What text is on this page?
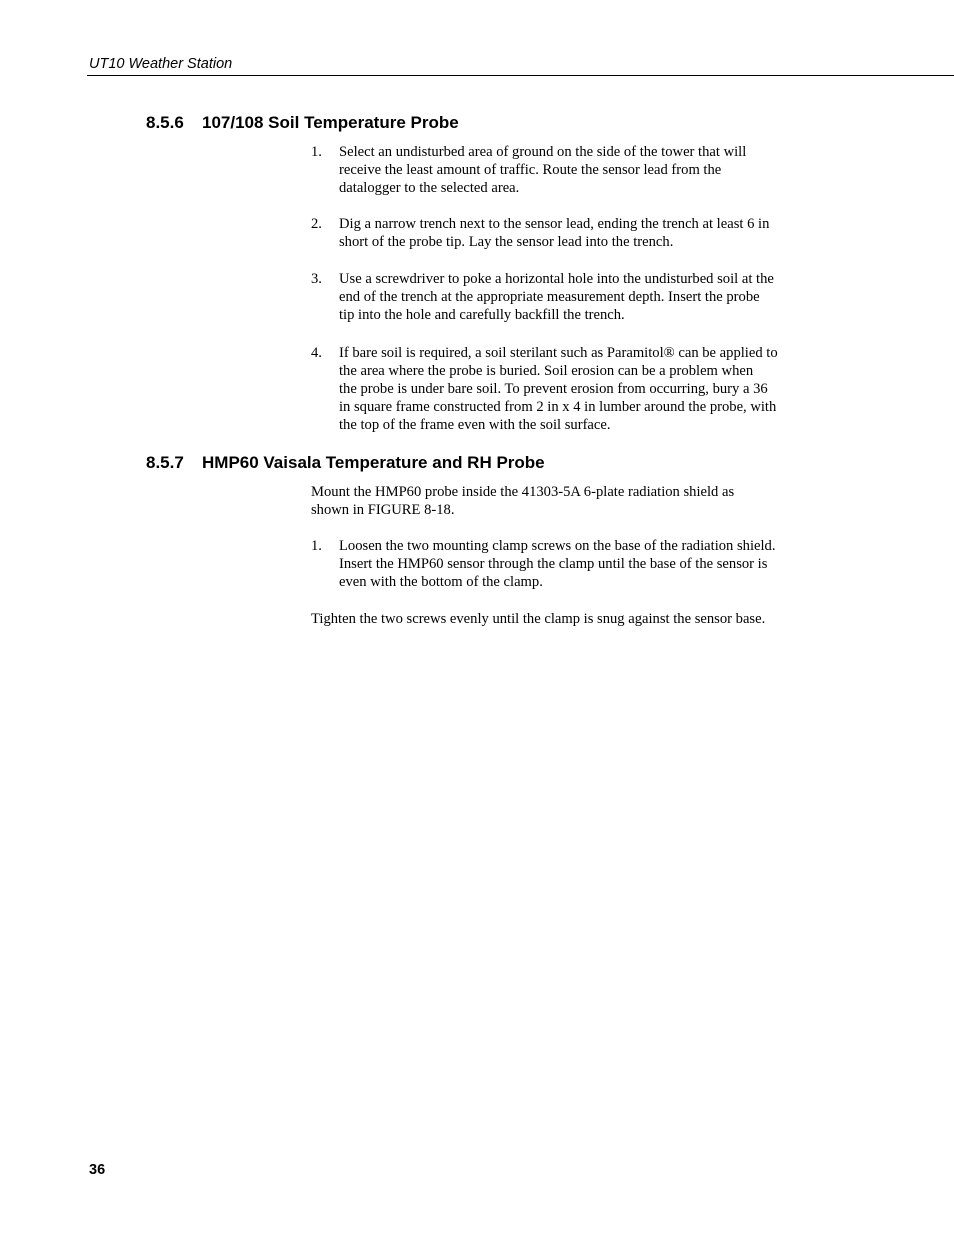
UT10 Weather Station
8.5.6 107/108 Soil Temperature Probe
1.	Select an undisturbed area of ground on the side of the tower that will
receive the least amount of traffic. Route the sensor lead from the
datalogger to the selected area.
2.	Dig a narrow trench next to the sensor lead, ending the trench at least 6 in
short of the probe tip. Lay the sensor lead into the trench.
3.	Use a screwdriver to poke a horizontal hole into the undisturbed soil at the
end of the trench at the appropriate measurement depth. Insert the probe
tip into the hole and carefully backfill the trench.
4.	If bare soil is required, a soil sterilant such as Paramitol® can be applied to
the area where the probe is buried. Soil erosion can be a problem when
the probe is under bare soil. To prevent erosion from occurring, bury a 36
in square frame constructed from 2 in x 4 in lumber around the probe, with
the top of the frame even with the soil surface.
8.5.7 HMP60 Vaisala Temperature and RH Probe
Mount the HMP60 probe inside the 41303-5A 6-plate radiation shield as
shown in FIGURE 8-18.
1.	Loosen the two mounting clamp screws on the base of the radiation shield.
Insert the HMP60 sensor through the clamp until the base of the sensor is
even with the bottom of the clamp.
Tighten the two screws evenly until the clamp is snug against the sensor base.
36
